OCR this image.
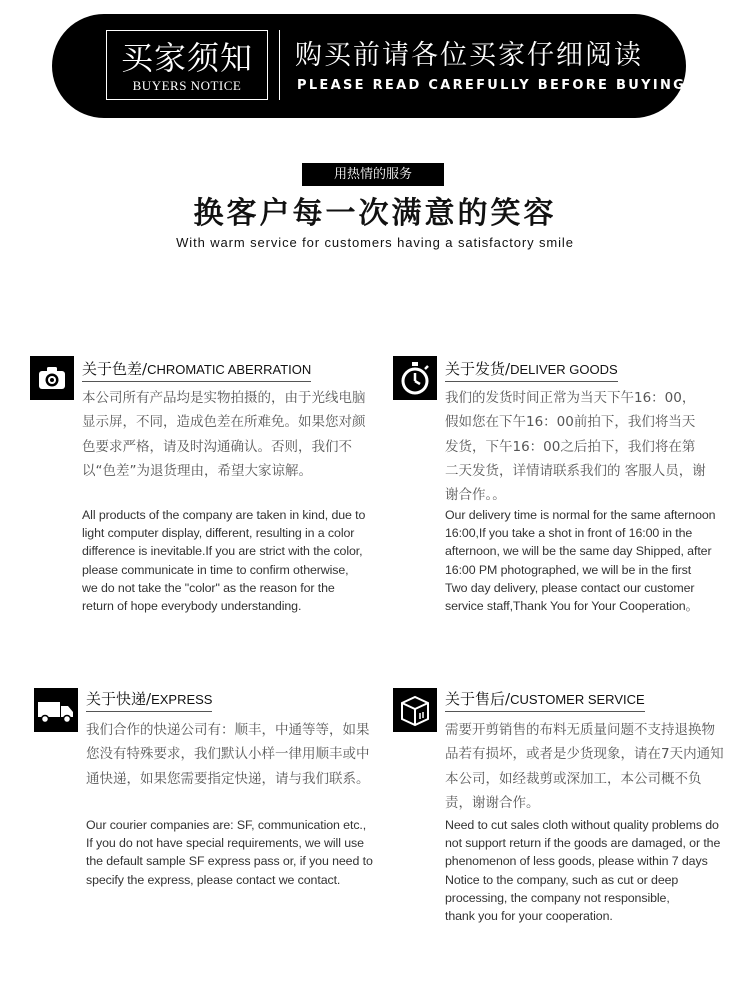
买家须知
BUYERS NOTICE
购买前请各位买家仔细阅读
PLEASE READ CAREFULLY BEFORE BUYING
用热情的服务
换客户每一次满意的笑容
With warm service for customers having a satisfactory smile
关于色差/CHROMATIC ABERRATION
本公司所有产品均是实物拍摄的，由于光线电脑显示屏，不同，造成色差在所难免。如果您对颜色要求严格，请及时沟通确认。否则，我们不以“色差”为退货理由，希望大家谅解。
All products of the company are taken in kind, due to
light computer display, different, resulting in a color
difference is inevitable.If you are strict with the color,
please communicate in time to confirm otherwise,
we do not take the "color" as the reason for the
return of hope everybody understanding.
关于发货/DELIVER GOODS
我们的发货时间正常为当天下午16：00，假如您在下午16：00前拍下，我们将当天发货，下午16：00之后拍下，我们将在第二天发货，详情请联系我们的 客服人员，谢谢合作。。
Our delivery time is normal for the same afternoon
16:00,If you take a shot in front of 16:00 in the
afternoon, we will be the same day Shipped, after
16:00 PM photographed, we will be in the first
Two day delivery, please contact our customer
service staff,Thank You for Your Cooperation。
关于快递/EXPRESS
我们合作的快递公司有：顺丰，中通等等，如果您没有特殊要求，我们默认小样一律用顺丰或中通快递，如果您需要指定快递，请与我们联系。
Our courier companies are: SF, communication etc.,
If you do not have special requirements, we will use
the default sample SF express pass or, if you need to
specify the express, please contact we contact.
关于售后/CUSTOMER SERVICE
需要开剪销售的布料无质量问题不支持退换物品若有损坏，或者是少货现象，请在7天内通知本公司，如经裁剪或深加工，本公司概不负责，谢谢合作。
Need to cut sales cloth without quality problems do
not support return if the goods are damaged, or the
phenomenon of less goods, please within 7 days
Notice to the company, such as cut or deep
processing, the company not responsible,
thank you for your cooperation.
